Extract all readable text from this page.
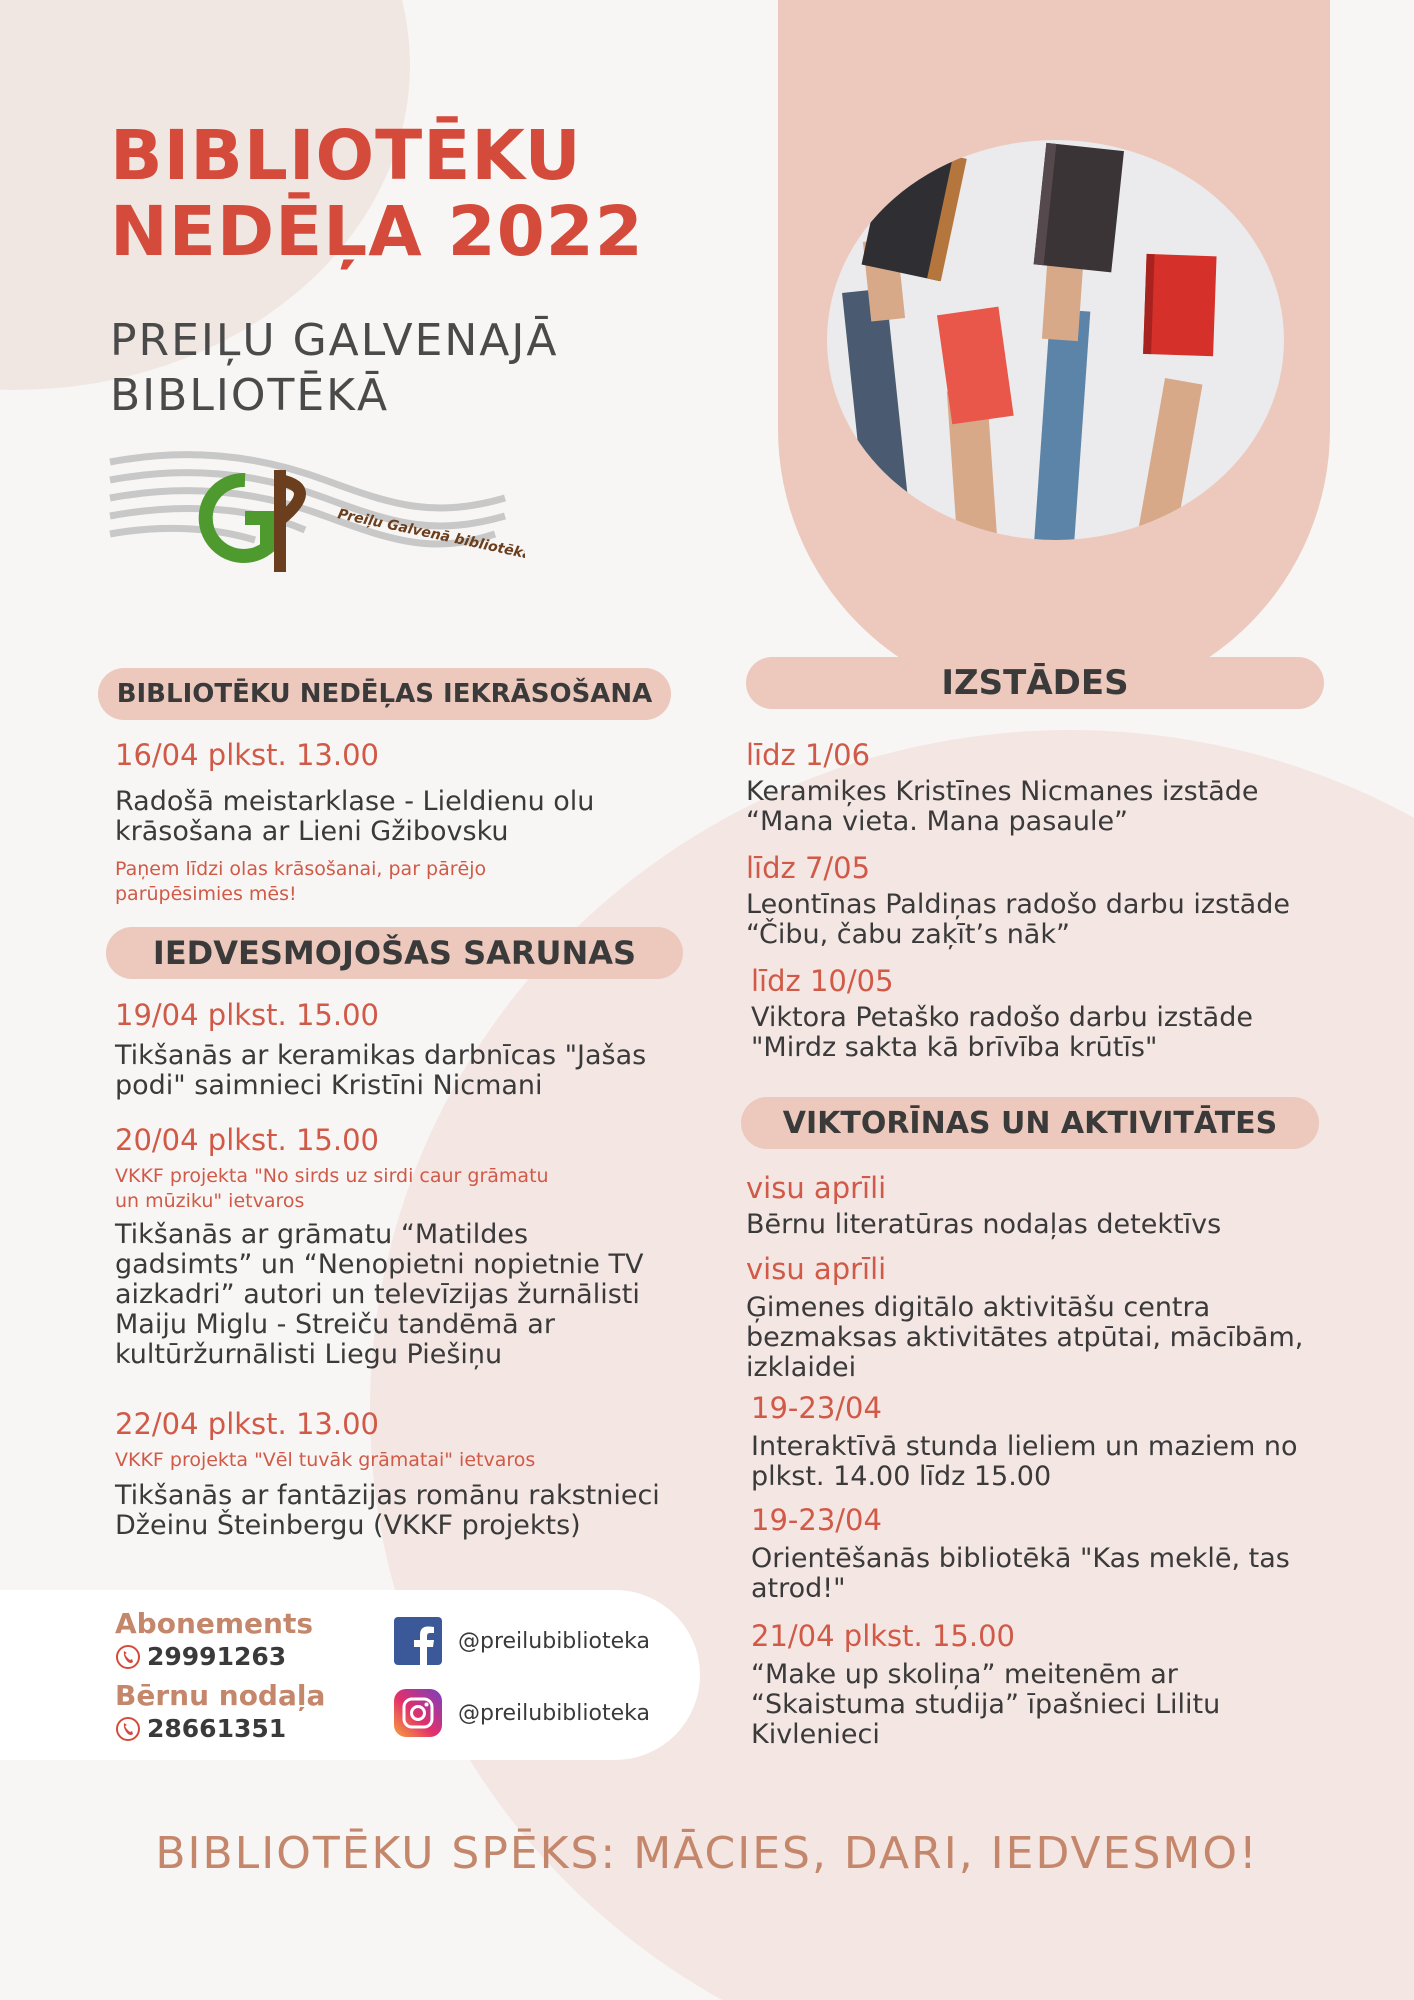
BIBLIOTĒKU
NEDĒĻA 2022
PREIĻU GALVENAJĀ
BIBLIOTĒKĀ
Preiļu Galvenā bibliotēka
BIBLIOTĒKU NEDĒĻAS IEKRĀSOŠANA
16/04 plkst. 13.00
Radošā meistarklase - Lieldienu olu
krāsošana ar Lieni Gžibovsku
Paņem līdzi olas krāsošanai, par pārējo
parūpēsimies mēs!
IEDVESMOJOŠAS SARUNAS
19/04 plkst. 15.00
Tikšanās ar keramikas darbnīcas "Jašas
podi" saimnieci Kristīni Nicmani
20/04 plkst. 15.00
VKKF projekta "No sirds uz sirdi caur grāmatu
un mūziku" ietvaros
Tikšanās ar grāmatu “Matildes
gadsimts” un “Nenopietni nopietnie TV
aizkadri” autori un televīzijas žurnālisti
Maiju Miglu - Streiču tandēmā ar
kultūržurnālisti Liegu Piešiņu
22/04 plkst. 13.00
VKKF projekta "Vēl tuvāk grāmatai" ietvaros
Tikšanās ar fantāzijas romānu rakstnieci
Džeinu Šteinbergu (VKKF projekts)
IZSTĀDES
līdz 1/06
Keramiķes Kristīnes Nicmanes izstāde
“Mana vieta. Mana pasaule”
līdz 7/05
Leontīnas Paldiņas radošo darbu izstāde
“Čibu, čabu zaķīt’s nāk”
līdz 10/05
Viktora Petaško radošo darbu izstāde
"Mirdz sakta kā brīvība krūtīs"
VIKTORĪNAS UN AKTIVITĀTES
visu aprīli
Bērnu literatūras nodaļas detektīvs
visu aprīli
Ģimenes digitālo aktivitāšu centra
bezmaksas aktivitātes atpūtai, mācībām,
izklaidei
19-23/04
Interaktīvā stunda lieliem un maziem no
plkst. 14.00 līdz 15.00
19-23/04
Orientēšanās bibliotēkā "Kas meklē, tas
atrod!"
21/04 plkst. 15.00
“Make up skoliņa” meitenēm ar
“Skaistuma studija” īpašnieci Lilitu
Kivlenieci
Abonements
29991263
Bērnu nodaļa
28661351
@preilubiblioteka
@preilubiblioteka
BIBLIOTĒKU SPĒKS: MĀCIES, DARI, IEDVESMO!
